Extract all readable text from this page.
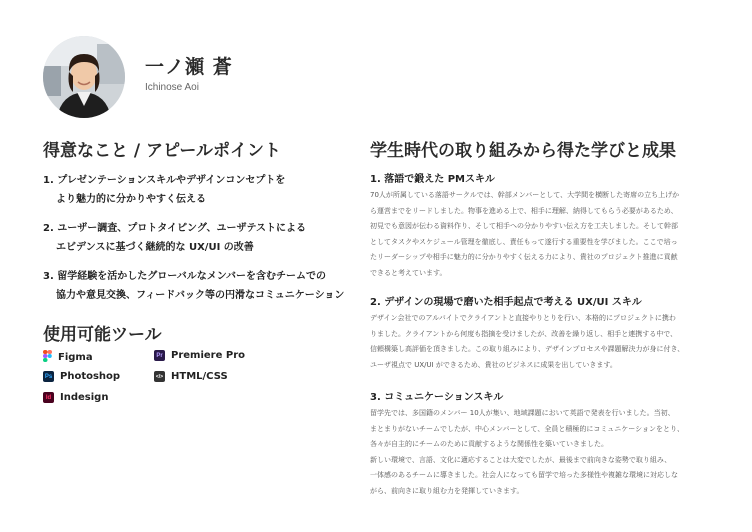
一ノ瀬 蒼
Ichinose Aoi
得意なこと / アピールポイント
1. プレゼンテーションスキルやデザインコンセプトを
より魅力的に分かりやすく伝える
2. ユーザー調査、プロトタイピング、ユーザテストによる
エビデンスに基づく継続的な UX/UI の改善
3. 留学経験を活かしたグローバルなメンバーを含むチームでの
協力や意見交換、フィードバック等の円滑なコミュニケーション
使用可能ツール
Figma	Pr Premiere Pro
Ps Photoshop	</> HTML/CSS
Id Indesign
学生時代の取り組みから得た学びと成果
1. 落語で鍛えた PMスキル
70人が所属している落語サークルでは、幹部メンバーとして、大学間を横断した寄席の立ち上げか
ら運営までをリードしました。物事を進める上で、相手に理解、納得してもらう必要があるため、
初見でも意図が伝わる資料作り、そして相手への分かりやすい伝え方を工夫しました。そして幹部
としてタスクやスケジュール管理を徹底し、責任もって遂行する重要性を学びました。ここで培っ
たリーダーシップや相手に魅力的に分かりやすく伝える力により、貴社のプロジェクト推進に貢献
できると考えています。
2. デザインの現場で磨いた相手起点で考える UX/UI スキル
デザイン会社でのアルバイトでクライアントと直接やりとりを行い、本格的にプロジェクトに携わ
りました。クライアントから何度も指摘を受けましたが、改善を繰り返し、相手と連携する中で、
信頼構築し高評価を頂きました。この取り組みにより、デザインプロセスや課題解決力が身に付き、
ユーザ視点で UX/UI ができるため、貴社のビジネスに成果を出していきます。
3. コミュニケーションスキル
留学先では、多国籍のメンバー 10人が集い、地域課題において英語で発表を行いました。当初、
まとまりがないチームでしたが、中心メンバーとして、全員と積極的にコミュニケーションをとり、
各々が自主的にチームのために貢献するような関係性を築いていきました。
新しい環境で、言語、文化に適応することは大変でしたが、最後まで前向きな姿勢で取り組み、
一体感のあるチームに導きました。社会人になっても留学で培った多様性や複雑な環境に対応しな
がら、前向きに取り組む力を発揮していきます。
